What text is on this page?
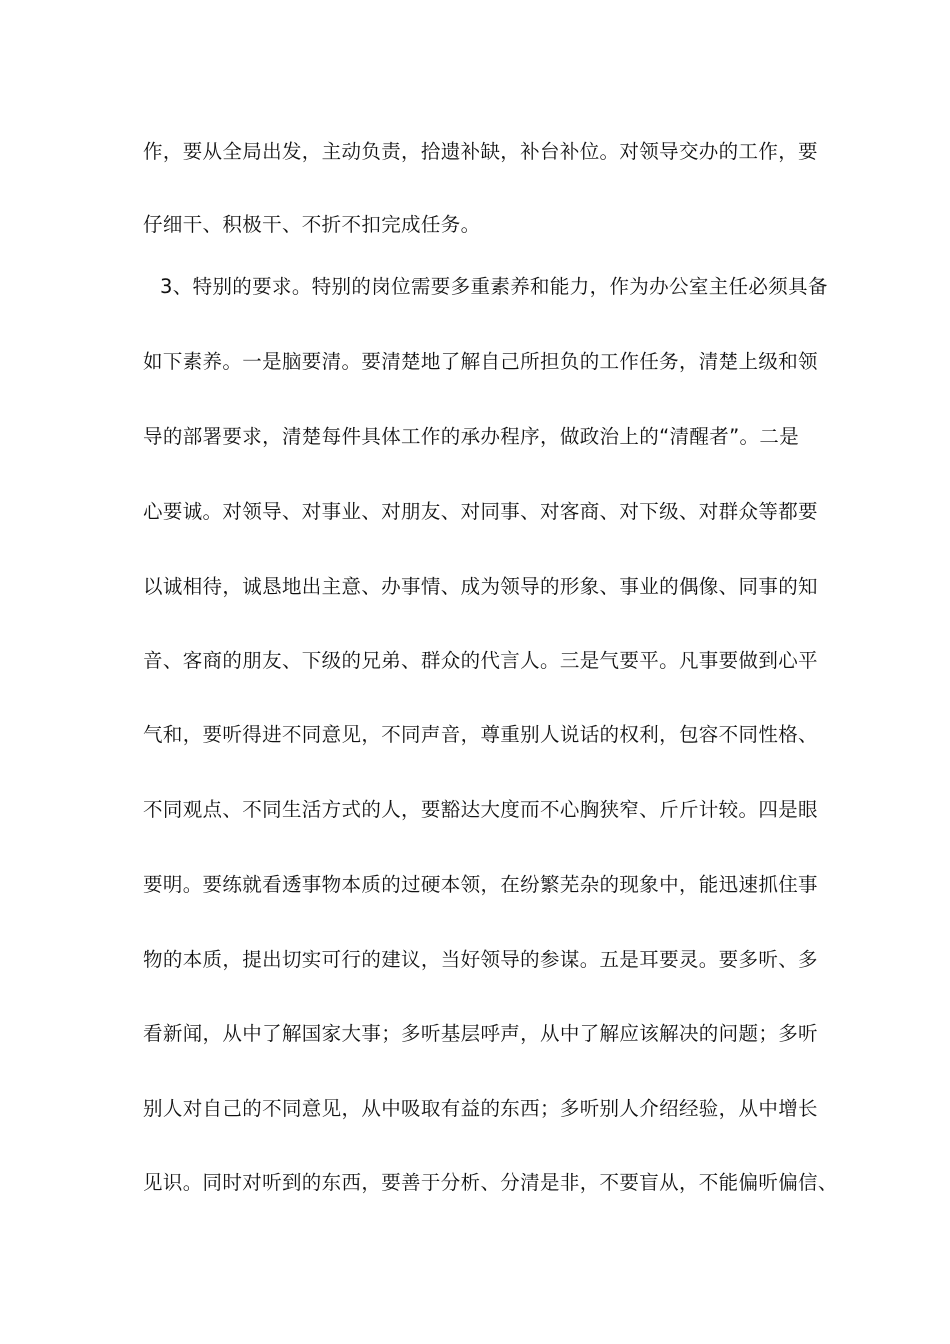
作，要从全局出发，主动负责，拾遗补缺，补台补位。对领导交办的工作，要
仔细干、积极干、不折不扣完成任务。
3、特别的要求。特别的岗位需要多重素养和能力，作为办公室主任必须具备
如下素养。一是脑要清。要清楚地了解自己所担负的工作任务，清楚上级和领
导的部署要求，清楚每件具体工作的承办程序，做政治上的“清醒者”。二是
心要诚。对领导、对事业、对朋友、对同事、对客商、对下级、对群众等都要
以诚相待，诚恳地出主意、办事情、成为领导的形象、事业的偶像、同事的知
音、客商的朋友、下级的兄弟、群众的代言人。三是气要平。凡事要做到心平
气和，要听得进不同意见，不同声音，尊重别人说话的权利，包容不同性格、
不同观点、不同生活方式的人，要豁达大度而不心胸狭窄、斤斤计较。四是眼
要明。要练就看透事物本质的过硬本领，在纷繁芜杂的现象中，能迅速抓住事
物的本质，提出切实可行的建议，当好领导的参谋。五是耳要灵。要多听、多
看新闻，从中了解国家大事；多听基层呼声，从中了解应该解决的问题；多听
别人对自己的不同意见，从中吸取有益的东西；多听别人介绍经验，从中增长
见识。同时对听到的东西，要善于分析、分清是非，不要盲从，不能偏听偏信、
